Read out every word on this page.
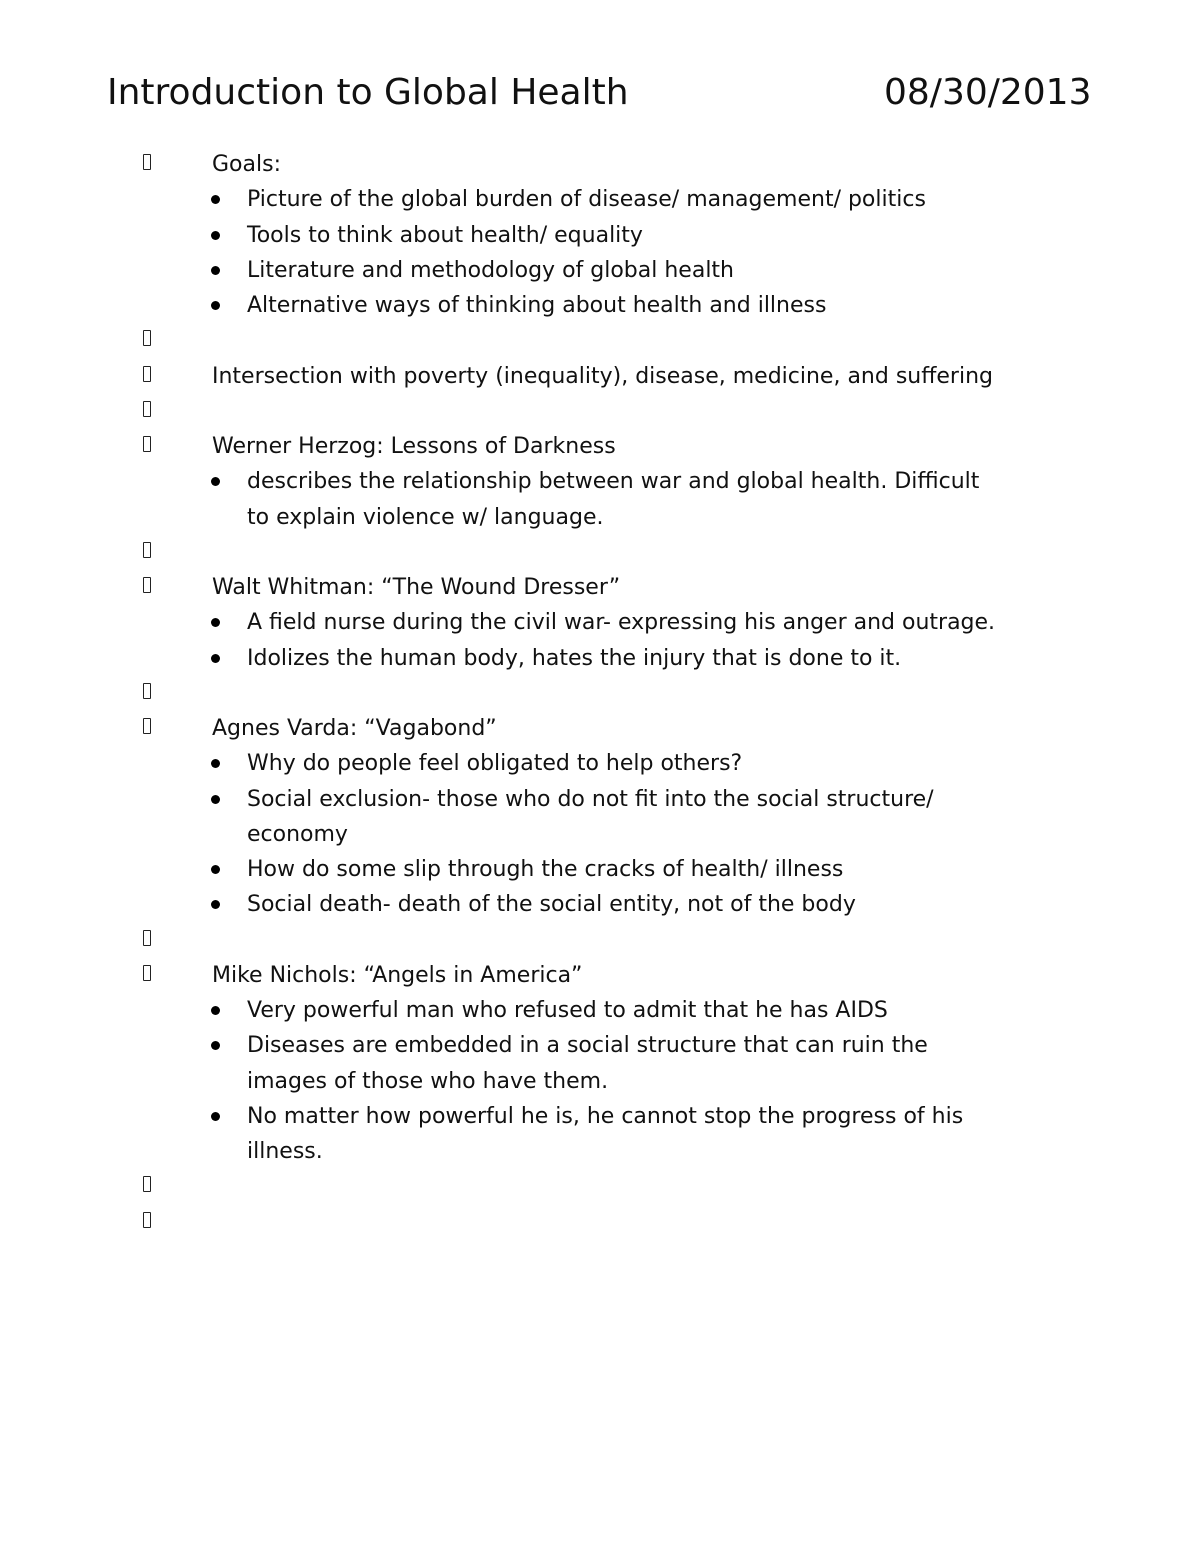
Introduction to Global Health	08/30/2013
Goals:
Picture of the global burden of disease/ management/ politics
Tools to think about health/ equality
Literature and methodology of global health
Alternative ways of thinking about health and illness
Intersection with poverty (inequality), disease, medicine, and suffering
Werner Herzog: Lessons of Darkness
describes the relationship between war and global health. Difficult
to explain violence w/ language.
Walt Whitman: “The Wound Dresser”
A field nurse during the civil war- expressing his anger and outrage.
Idolizes the human body, hates the injury that is done to it.
Agnes Varda: “Vagabond”
Why do people feel obligated to help others?
Social exclusion- those who do not fit into the social structure/
economy
How do some slip through the cracks of health/ illness
Social death- death of the social entity, not of the body
Mike Nichols: “Angels in America”
Very powerful man who refused to admit that he has AIDS
Diseases are embedded in a social structure that can ruin the
images of those who have them.
No matter how powerful he is, he cannot stop the progress of his
illness.
